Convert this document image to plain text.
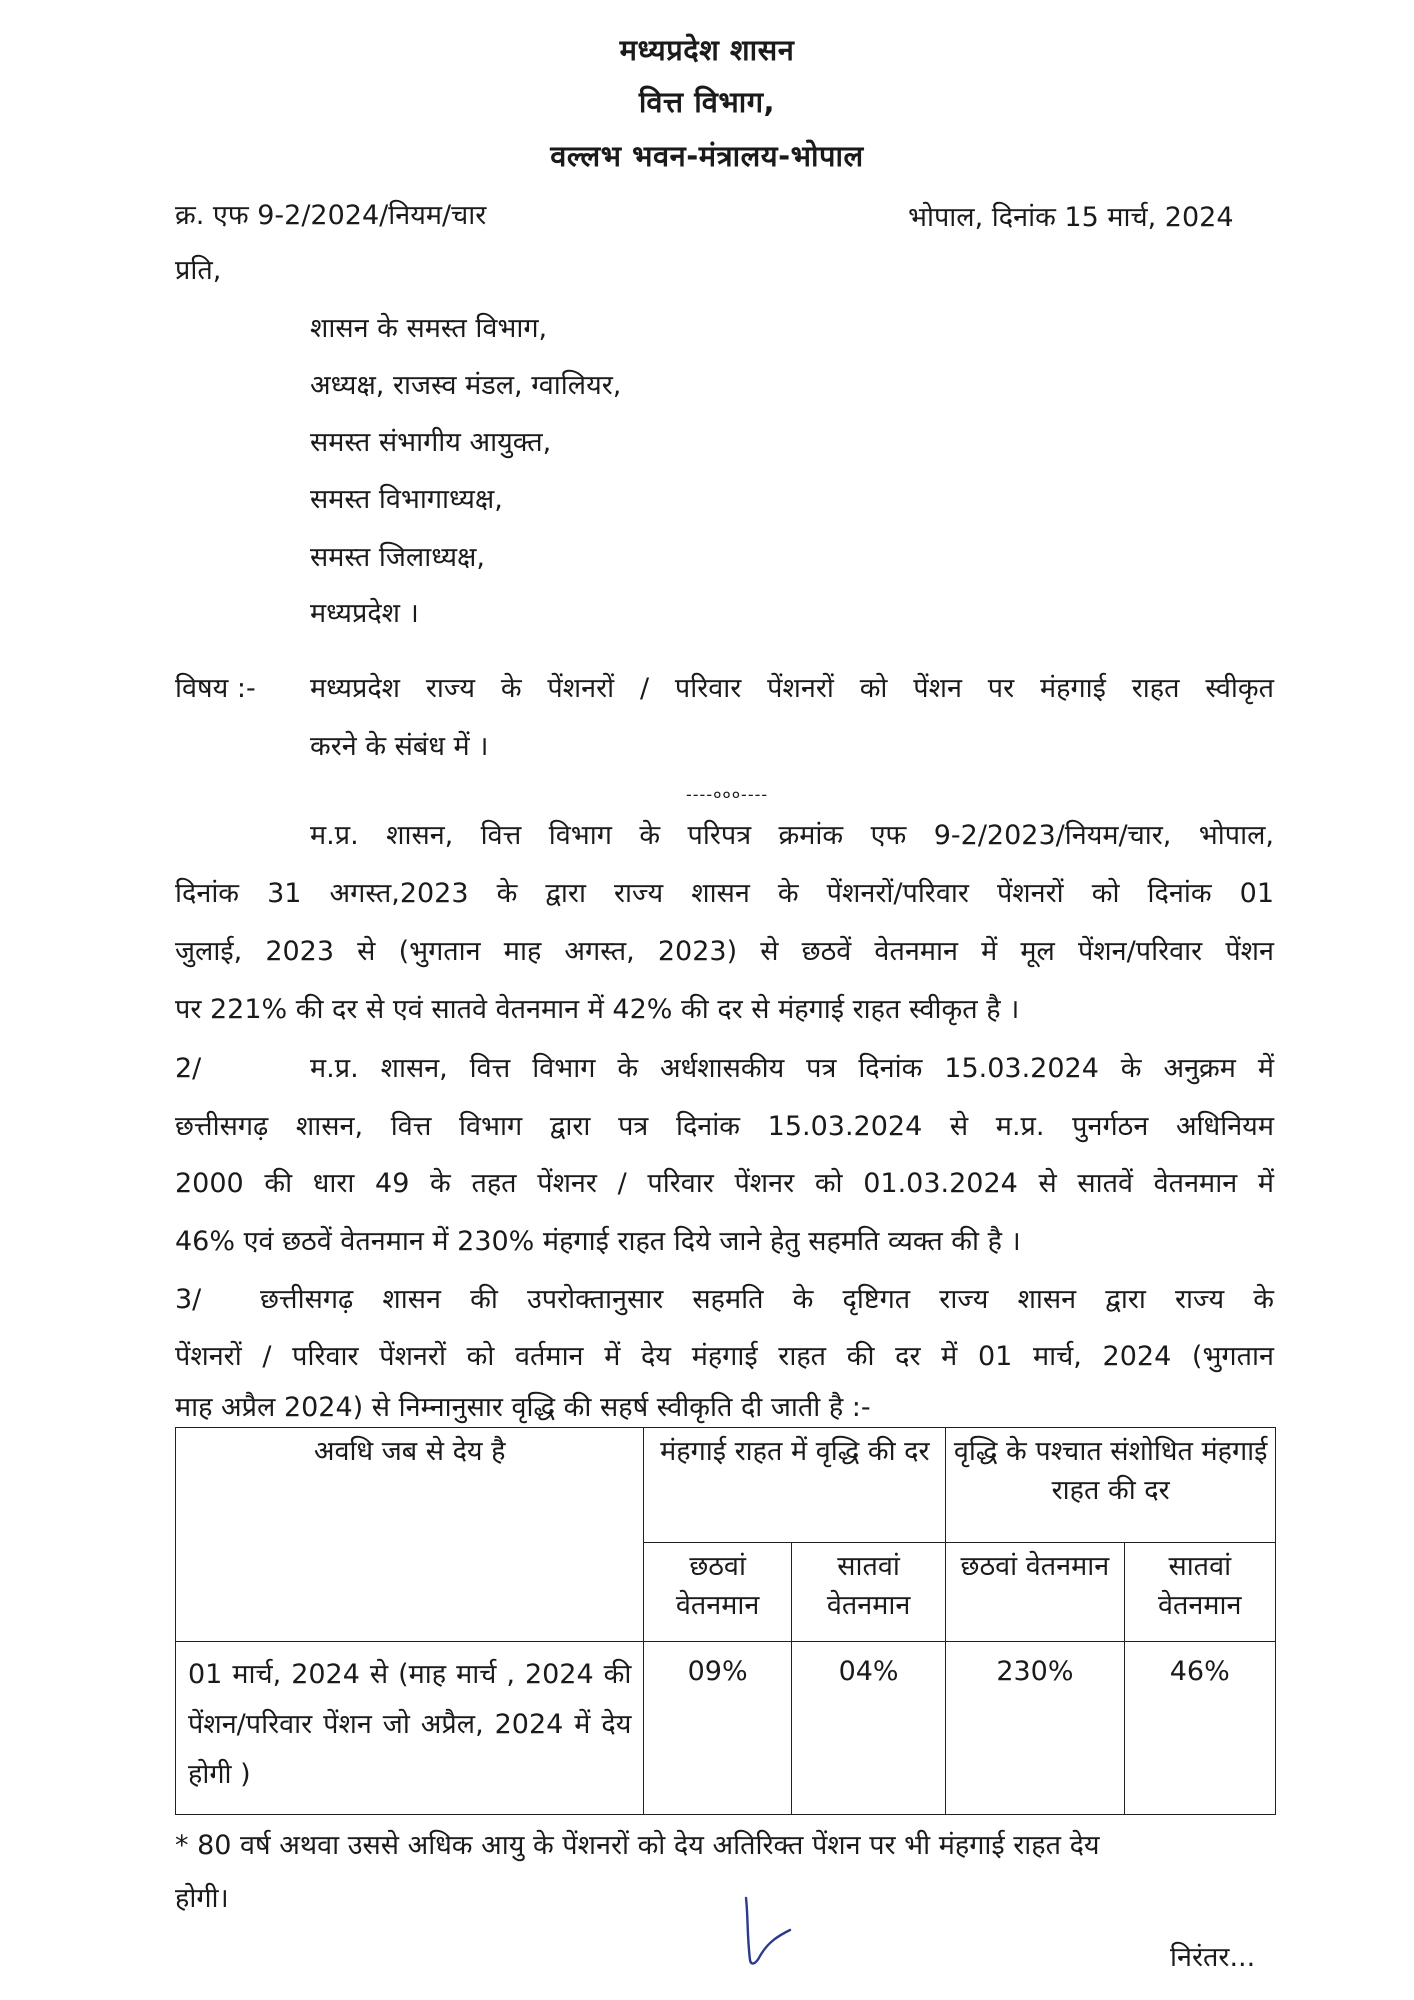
मध्यप्रदेश शासन
वित्त विभाग,
वल्लभ भवन-मंत्रालय-भोपाल
क्र. एफ 9-2/2024/नियम/चार	भोपाल, दिनांक 15 मार्च, 2024
प्रति,
शासन के समस्त विभाग,
अध्यक्ष, राजस्व मंडल, ग्वालियर,
समस्त संभागीय आयुक्त,
समस्त विभागाध्यक्ष,
समस्त जिलाध्यक्ष,
मध्यप्रदेश ।
विषय :- मध्यप्रदेश राज्य के पेंशनरों / परिवार पेंशनरों को पेंशन पर मंहगाई राहत स्वीकृत
करने के संबंध में ।
----०००----
म.प्र. शासन, वित्त विभाग के परिपत्र क्रमांक एफ 9-2/2023/नियम/चार, भोपाल,
दिनांक 31 अगस्त,2023 के द्वारा राज्य शासन के पेंशनरों/परिवार पेंशनरों को दिनांक 01
जुलाई, 2023 से (भुगतान माह अगस्त, 2023) से छठवें वेतनमान में मूल पेंशन/परिवार पेंशन
पर 221% की दर से एवं सातवे वेतनमान में 42% की दर से मंहगाई राहत स्वीकृत है ।
2/	म.प्र. शासन, वित्त विभाग के अर्धशासकीय पत्र दिनांक 15.03.2024 के अनुक्रम में
छत्तीसगढ़ शासन, वित्त विभाग द्वारा पत्र दिनांक 15.03.2024 से म.प्र. पुनर्गठन अधिनियम
2000 की धारा 49 के तहत पेंशनर / परिवार पेंशनर को 01.03.2024 से सातवें वेतनमान में
46% एवं छठवें वेतनमान में 230% मंहगाई राहत दिये जाने हेतु सहमति व्यक्त की है ।
3/ छत्तीसगढ़ शासन की उपरोक्तानुसार सहमति के दृष्टिगत राज्य शासन द्वारा राज्य के
पेंशनरों / परिवार पेंशनरों को वर्तमान में देय मंहगाई राहत की दर में 01 मार्च, 2024 (भुगतान
माह अप्रैल 2024) से निम्नानुसार वृद्धि की सहर्ष स्वीकृति दी जाती है :-
अवधि जब से देय है	मंहगाई राहत में वृद्धि की दर		वृद्धि के पश्चात संशोधित मंहगाई राहत की दर	

	छठवां वेतनमान	सातवां वेतनमान	छठवां वेतनमान	सातवां वेतनमान

01 मार्च, 2024 से (माह मार्च , 2024 की पेंशन/परिवार पेंशन जो अप्रैल, 2024 में देय होगी )	09%	04%	230%	46%
* 80 वर्ष अथवा उससे अधिक आयु के पेंशनरों को देय अतिरिक्त पेंशन पर भी मंहगाई राहत देय
होगी।
निरंतर...
